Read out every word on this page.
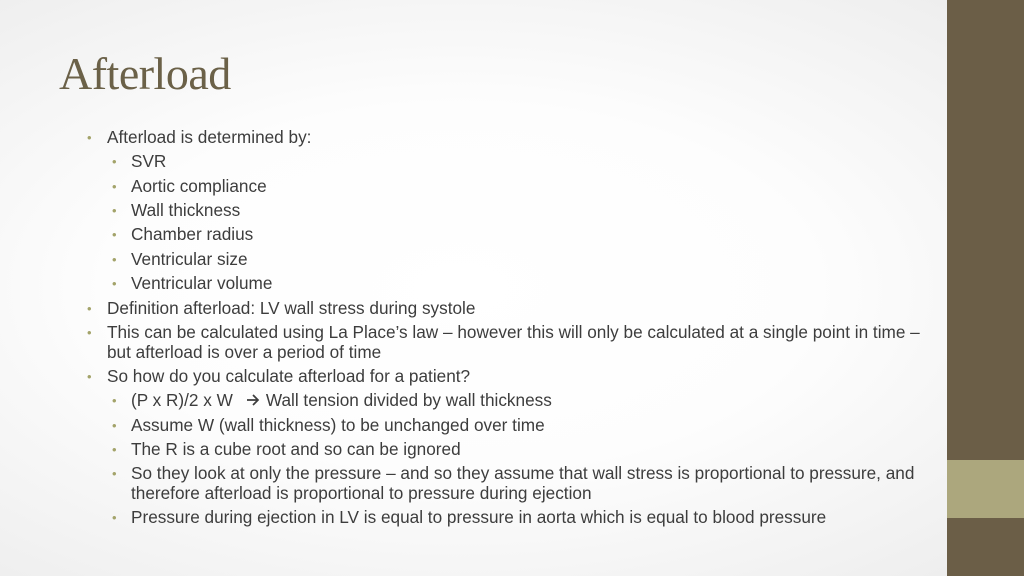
Afterload
• Afterload is determined by:
• SVR
• Aortic compliance
• Wall thickness
• Chamber radius
• Ventricular size
• Ventricular volume
• Definition afterload: LV wall stress during systole
• This can be calculated using La Place’s law – however this will only be calculated at a single point in time – but afterload is over a period of time
• So how do you calculate afterload for a patient?
• (P x R)/2 x W Wall tension divided by wall thickness
• Assume W (wall thickness) to be unchanged over time
• The R is a cube root and so can be ignored
• So they look at only the pressure – and so they assume that wall stress is proportional to pressure, and therefore afterload is proportional to pressure during ejection
• Pressure during ejection in LV is equal to pressure in aorta which is equal to blood pressure
